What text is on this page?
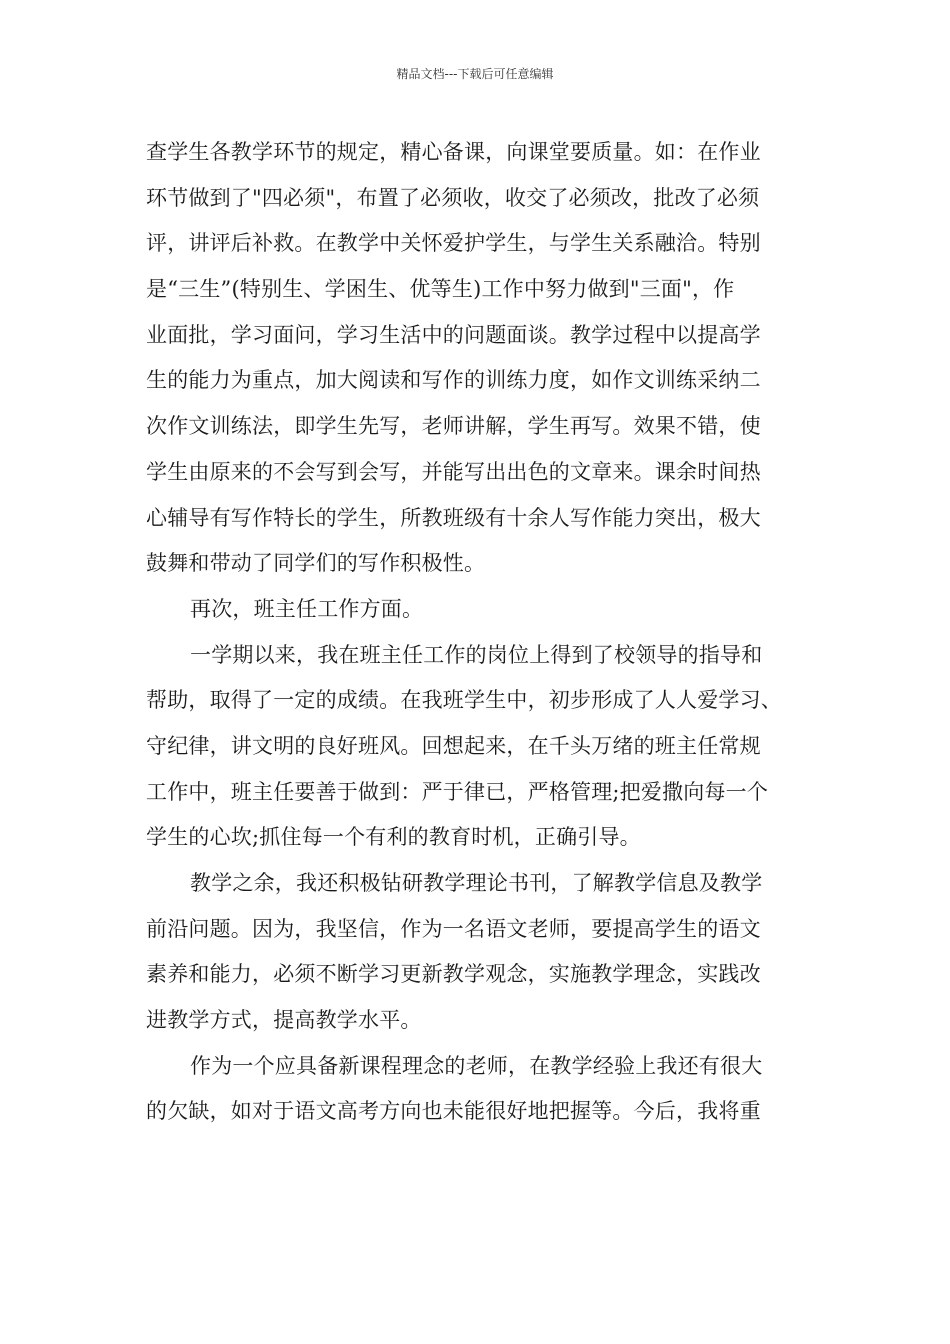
精品文档---下载后可任意编辑
查学生各教学环节的规定，精心备课，向课堂要质量。如：在作业
环节做到了"四必须"，布置了必须收，收交了必须改，批改了必须
评，讲评后补救。在教学中关怀爱护学生，与学生关系融洽。特别
是“三生”(特别生、学困生、优等生)工作中努力做到"三面"，作
业面批，学习面问，学习生活中的问题面谈。教学过程中以提高学
生的能力为重点，加大阅读和写作的训练力度，如作文训练采纳二
次作文训练法，即学生先写，老师讲解，学生再写。效果不错，使
学生由原来的不会写到会写，并能写出出色的文章来。课余时间热
心辅导有写作特长的学生，所教班级有十余人写作能力突出，极大
鼓舞和带动了同学们的写作积极性。
再次，班主任工作方面。
一学期以来，我在班主任工作的岗位上得到了校领导的指导和
帮助，取得了一定的成绩。在我班学生中，初步形成了人人爱学习、
守纪律，讲文明的良好班风。回想起来，在千头万绪的班主任常规
工作中，班主任要善于做到：严于律已，严格管理;把爱撒向每一个
学生的心坎;抓住每一个有利的教育时机，正确引导。
教学之余，我还积极钻研教学理论书刊，了解教学信息及教学
前沿问题。因为，我坚信，作为一名语文老师，要提高学生的语文
素养和能力，必须不断学习更新教学观念，实施教学理念，实践改
进教学方式，提高教学水平。
作为一个应具备新课程理念的老师，在教学经验上我还有很大
的欠缺，如对于语文高考方向也未能很好地把握等。今后，我将重
